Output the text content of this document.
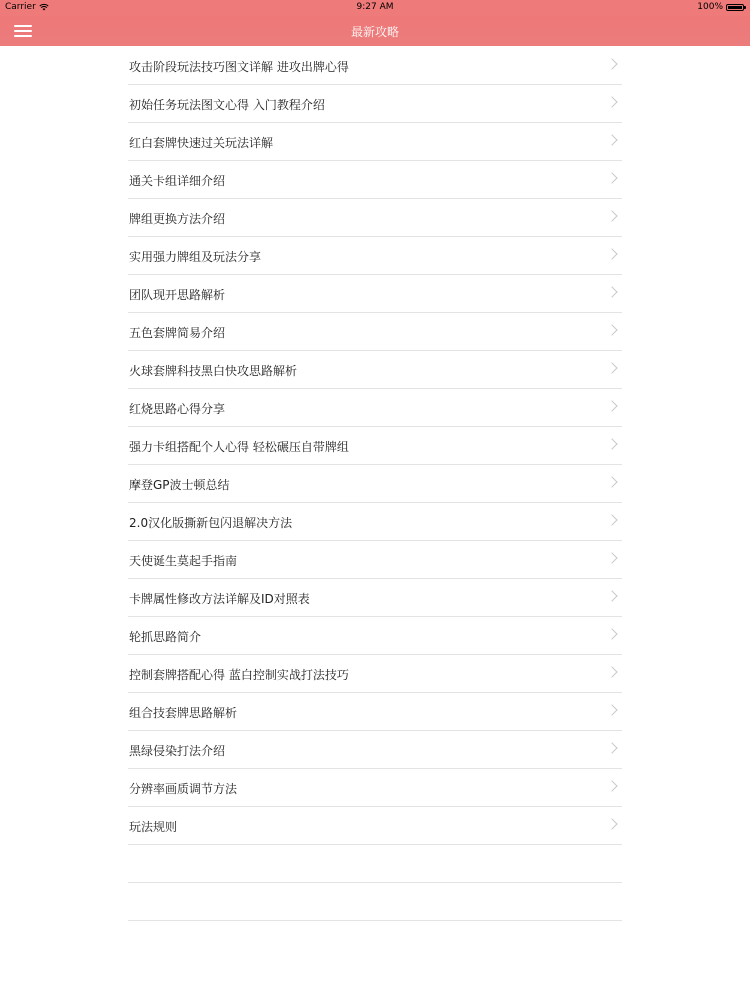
Carrier	9:27 AM	100%
最新攻略
攻击阶段玩法技巧图文详解 进攻出牌心得
初始任务玩法图文心得 入门教程介绍
红白套牌快速过关玩法详解
通关卡组详细介绍
牌组更换方法介绍
实用强力牌组及玩法分享
团队现开思路解析
五色套牌简易介绍
火球套牌科技黑白快攻思路解析
红烧思路心得分享
强力卡组搭配个人心得 轻松碾压自带牌组
摩登GP波士顿总结
2.0汉化版撕新包闪退解决方法
天使诞生莫起手指南
卡牌属性修改方法详解及ID对照表
轮抓思路简介
控制套牌搭配心得 蓝白控制实战打法技巧
组合技套牌思路解析
黑绿侵染打法介绍
分辨率画质调节方法
玩法规则
